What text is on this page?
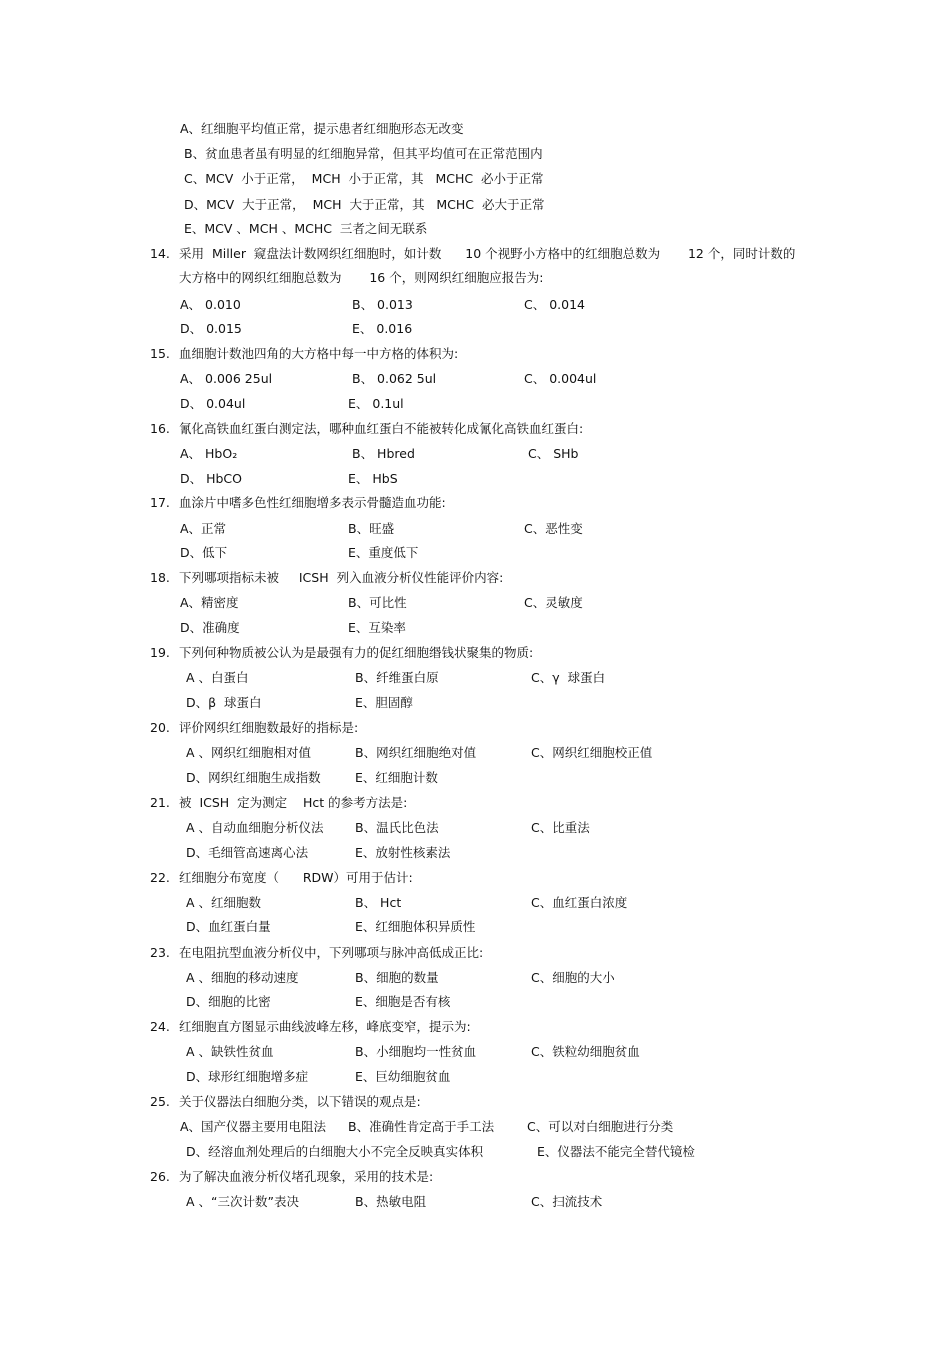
A、红细胞平均值正常，提示患者红细胞形态无改变
B、贫血患者虽有明显的红细胞异常，但其平均值可在正常范围内
C、MCV  小于正常，  MCH  小于正常，其   MCHC  必小于正常
D、MCV  大于正常，  MCH  大于正常，其   MCHC  必大于正常
E、MCV 、MCH 、MCHC  三者之间无联系
14. 采用  Miller  窥盘法计数网织红细胞时，如计数      10 个视野小方格中的红细胞总数为       12 个，同时计数的
大方格中的网织红细胞总数为       16 个，则网织红细胞应报告为:
A、 0.010	B、 0.013	C、 0.014
D、 0.015	E、 0.016
15. 血细胞计数池四角的大方格中每一中方格的体积为:
A、 0.006 25ul	B、 0.062 5ul	C、 0.004ul
D、 0.04ul	E、 0.1ul
16. 氰化高铁血红蛋白测定法，哪种血红蛋白不能被转化成氰化高铁血红蛋白:
A、 HbO₂	B、 Hbred	C、 SHb
D、 HbCO	E、 HbS
17. 血涂片中嗜多色性红细胞增多表示骨髓造血功能:
A、正常	B、旺盛	C、恶性变
D、低下	E、重度低下
18. 下列哪项指标未被     ICSH  列入血液分析仪性能评价内容:
A、精密度	B、可比性	C、灵敏度
D、准确度	E、互染率
19. 下列何种物质被公认为是最强有力的促红细胞缗钱状聚集的物质:
A 、白蛋白	B、纤维蛋白原	C、γ  球蛋白
D、β  球蛋白	E、胆固醇
20. 评价网织红细胞数最好的指标是:
A 、网织红细胞相对值	B、网织红细胞绝对值	C、网织红细胞校正值
D、网织红细胞生成指数	E、红细胞计数
21. 被  ICSH  定为测定    Hct 的参考方法是:
A 、自动血细胞分析仪法	B、温氏比色法	C、比重法
D、毛细管高速离心法	E、放射性核素法
22. 红细胞分布宽度（      RDW）可用于估计:
A 、红细胞数	B、 Hct	C、血红蛋白浓度
D、血红蛋白量	E、红细胞体积异质性
23. 在电阻抗型血液分析仪中，下列哪项与脉冲高低成正比:
A 、细胞的移动速度	B、细胞的数量	C、细胞的大小
D、细胞的比密	E、细胞是否有核
24. 红细胞直方图显示曲线波峰左移，峰底变窄，提示为:
A 、缺铁性贫血	B、小细胞均一性贫血	C、铁粒幼细胞贫血
D、球形红细胞增多症	E、巨幼细胞贫血
25. 关于仪器法白细胞分类，以下错误的观点是:
A、国产仪器主要用电阻法 B、准确性肯定高于手工法	C、可以对白细胞进行分类
D、经溶血剂处理后的白细胞大小不完全反映真实体积	E、仪器法不能完全替代镜检
26. 为了解决血液分析仪堵孔现象，采用的技术是:
A 、“三次计数”表决	B、热敏电阻	C、扫流技术
